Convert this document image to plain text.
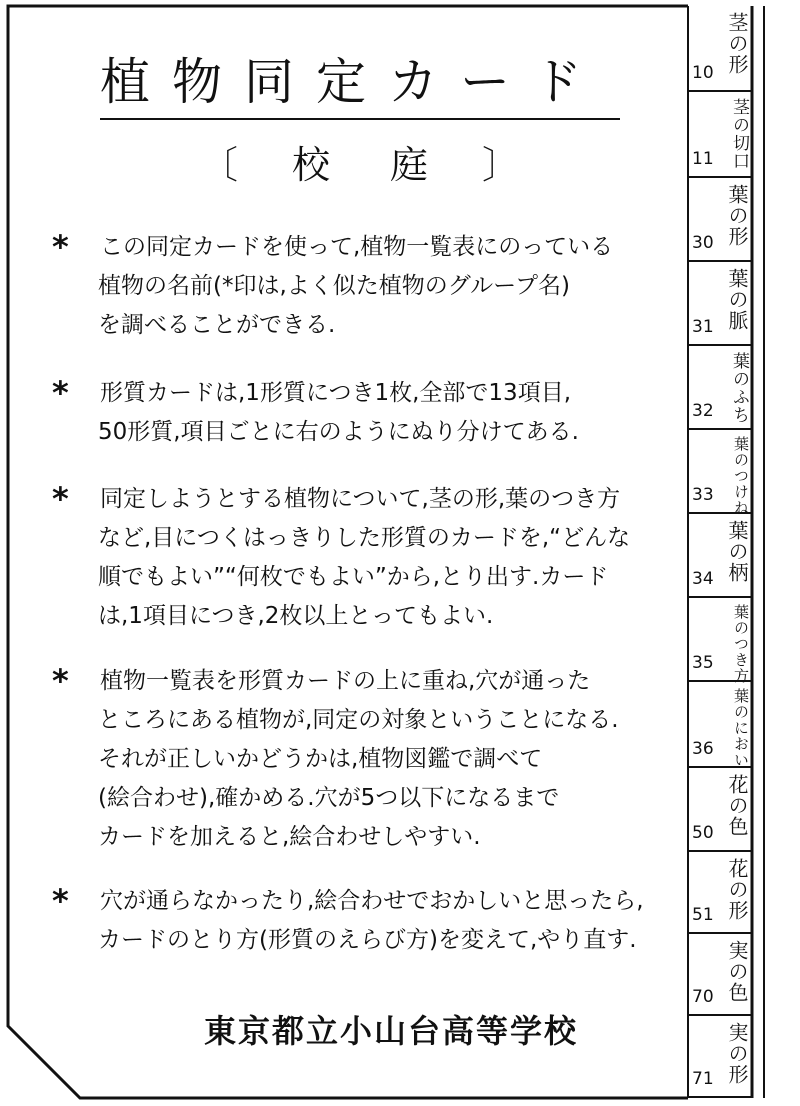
植物同定カード
〔 校庭
〕
* この同定カードを使って,植物一覧表にのっている
植物の名前(*印は,よく似た植物のグループ名)
を調べることができる.
* 形質カードは,1形質につき1枚,全部で13項目,
50形質,項目ごとに右のようにぬり分けてある.
* 同定しようとする植物について,茎の形,葉のつき方
など,目につくはっきりした形質のカードを,“どんな
順でもよい”“何枚でもよい”から,とり出す.カード
は,1項目につき,2枚以上とってもよい.
* 植物一覧表を形質カードの上に重ね,穴が通った
ところにある植物が,同定の対象ということになる.
それが正しいかどうかは,植物図鑑で調べて
(絵合わせ),確かめる.穴が5つ以下になるまで
カードを加えると,絵合わせしやすい.
* 穴が通らなかったり,絵合わせでおかしいと思ったら,
カードのとり方(形質のえらび方)を変えて,やり直す.
東京都立小山台高等学校
10 茎の形
11 茎の切口
30 葉の形
31 葉の脈
32 葉のふち
33	葉のつけね
34 葉の柄
35	葉のつき方
36	葉のにおい
50 花の色
51 花の形
70 実の色
71 実の形
